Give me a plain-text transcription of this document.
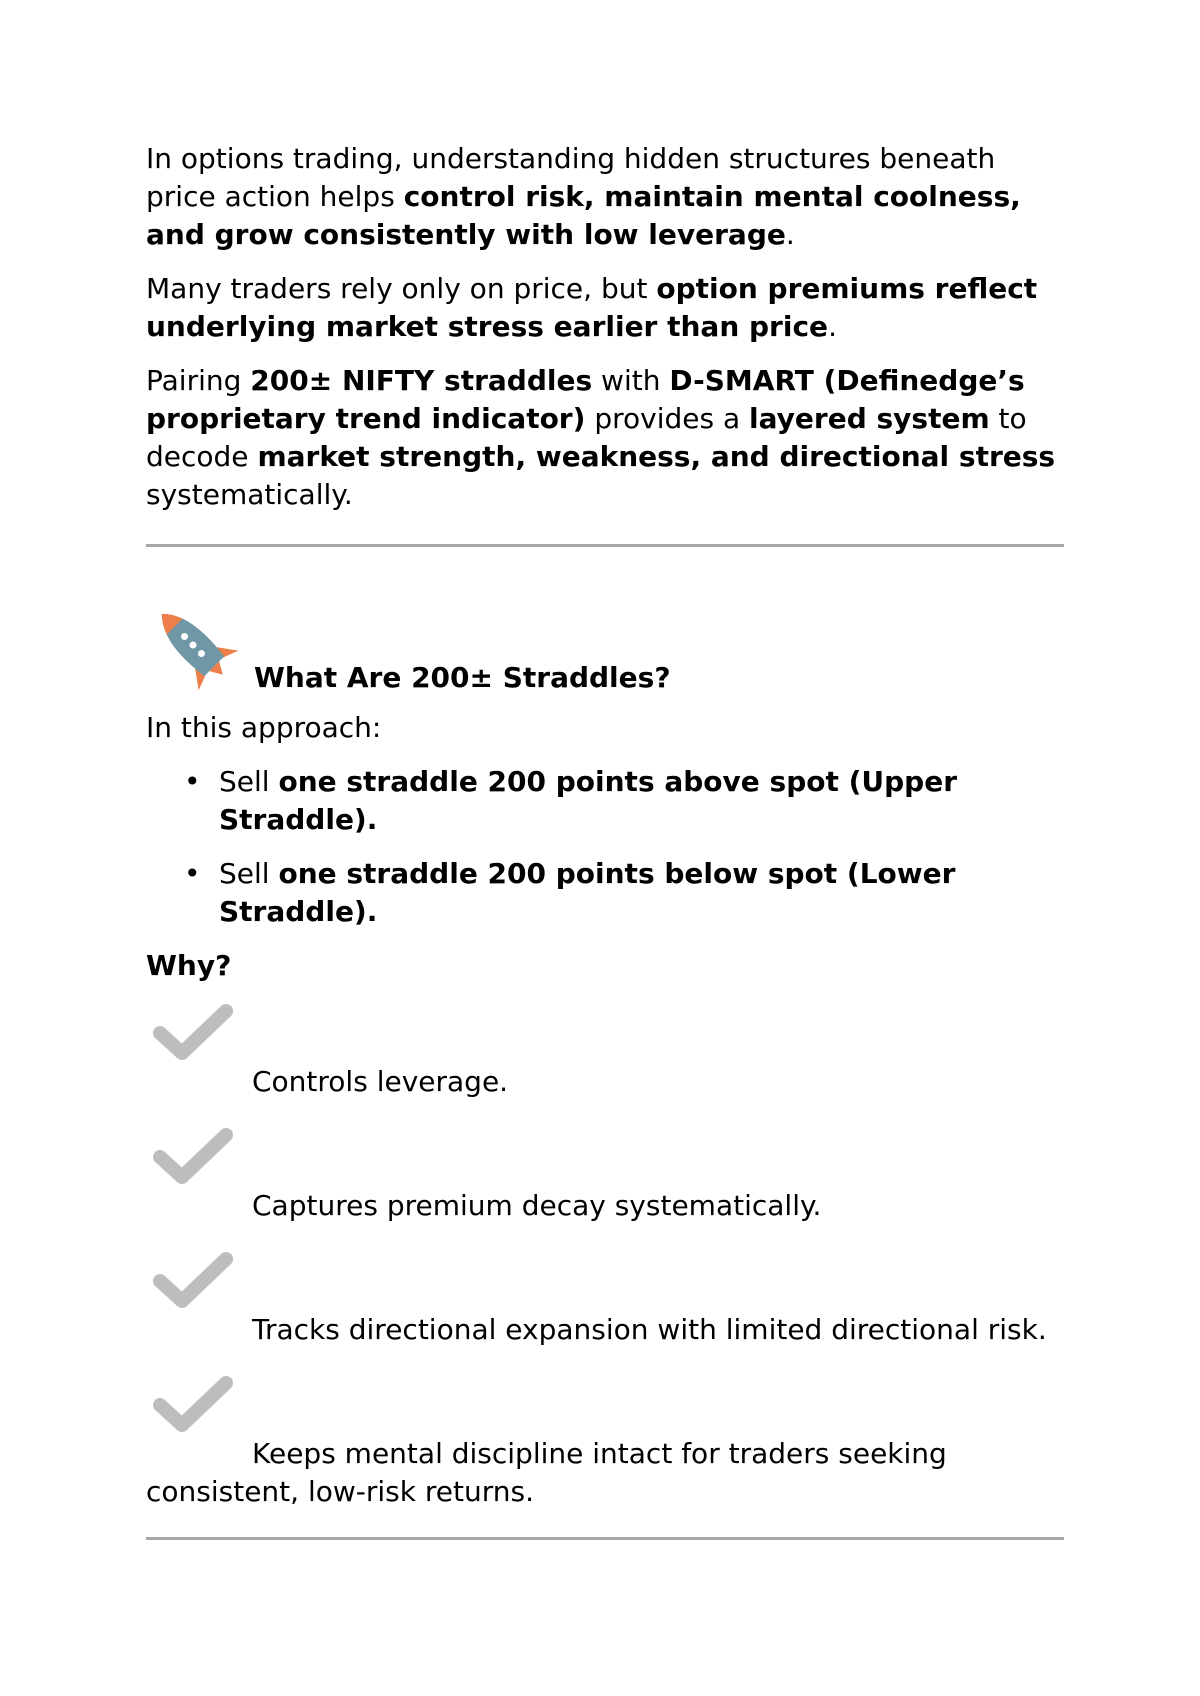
In options trading, understanding hidden structures beneath price action helps control risk, maintain mental coolness, and grow consistently with low leverage.

Many traders rely only on price, but option premiums reflect underlying market stress earlier than price.

Pairing 200± NIFTY straddles with D-SMART (Definedge’s proprietary trend indicator) provides a layered system to decode market strength, weakness, and directional stress systematically.

What Are 200± Straddles?

In this approach:

• Sell one straddle 200 points above spot (Upper Straddle).
• Sell one straddle 200 points below spot (Lower Straddle).

Why?

Controls leverage.
Captures premium decay systematically.
Tracks directional expansion with limited directional risk.
Keeps mental discipline intact for traders seeking consistent, low-risk returns.
